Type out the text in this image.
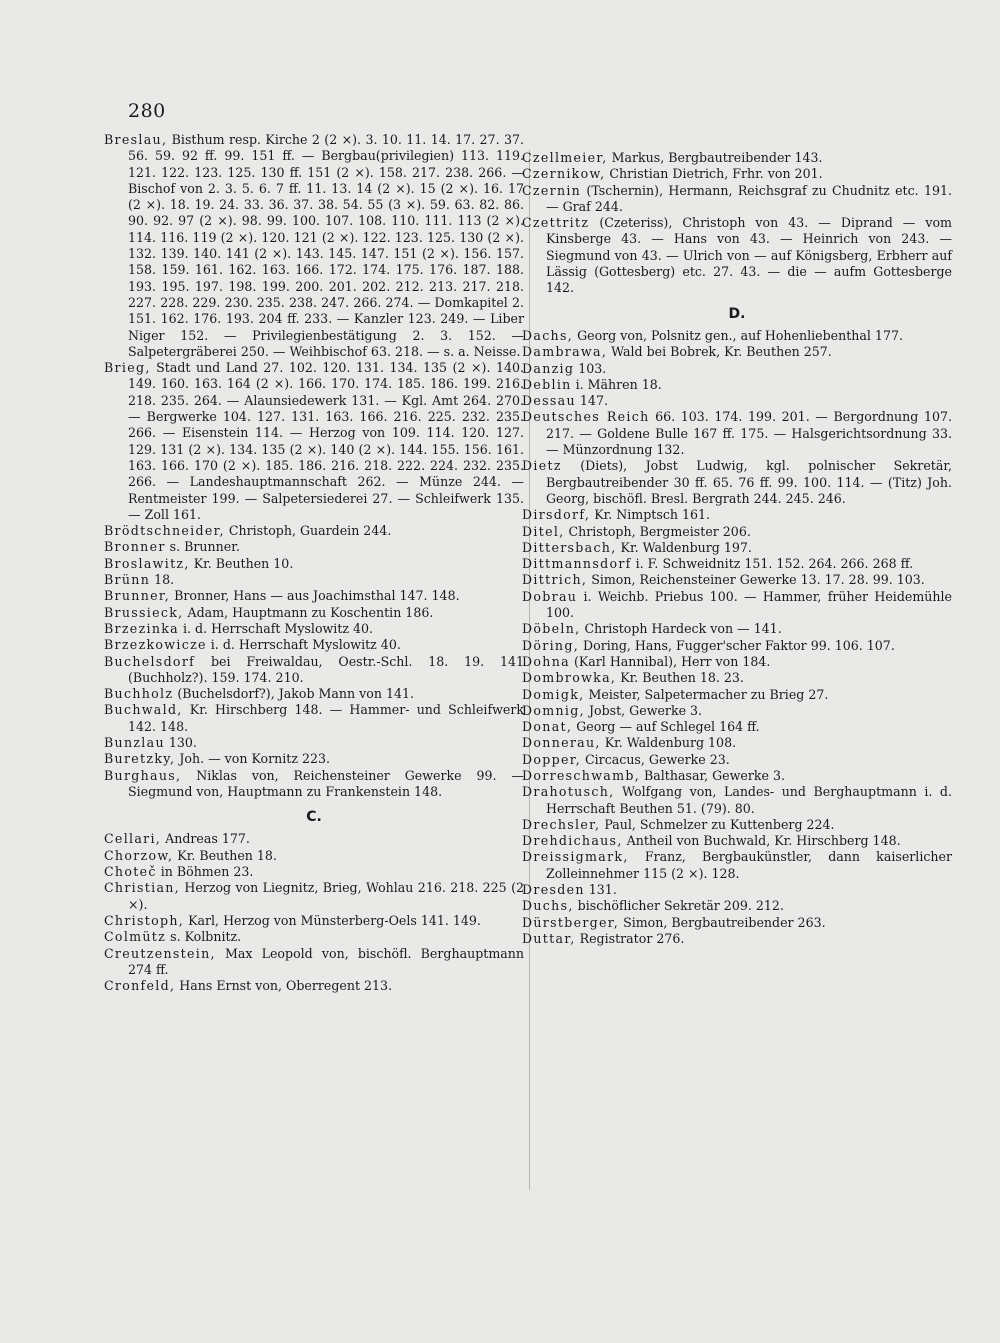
280

Breslau, Bisthum resp. Kirche 2 (2 ×). 3. 10. 11. 14. 17. 27. 37. 56. 59. 92 ff. 99. 151 ff. — Bergbau(privilegien) 113. 119. 121. 122. 123. 125. 130 ff. 151 (2 ×). 158. 217. 238. 266. — Bischof von 2. 3. 5. 6. 7 ff. 11. 13. 14 (2 ×). 15 (2 ×). 16. 17 (2 ×). 18. 19. 24. 33. 36. 37. 38. 54. 55 (3 ×). 59. 63. 82. 86. 90. 92. 97 (2 ×). 98. 99. 100. 107. 108. 110. 111. 113 (2 ×). 114. 116. 119 (2 ×). 120. 121 (2 ×). 122. 123. 125. 130 (2 ×). 132. 139. 140. 141 (2 ×). 143. 145. 147. 151 (2 ×). 156. 157. 158. 159. 161. 162. 163. 166. 172. 174. 175. 176. 187. 188. 193. 195. 197. 198. 199. 200. 201. 202. 212. 213. 217. 218. 227. 228. 229. 230. 235. 238. 247. 266. 274. — Domkapitel 2. 151. 162. 176. 193. 204 ff. 233. — Kanzler 123. 249. — Liber Niger 152. — Privilegienbestätigung 2. 3. 152. — Salpetergräberei 250. — Weihbischof 63. 218. — s. a. Neisse.

Brieg, Stadt und Land 27. 102. 120. 131. 134. 135 (2 ×). 140. 149. 160. 163. 164 (2 ×). 166. 170. 174. 185. 186. 199. 216. 218. 235. 264. — Alaunsiedewerk 131. — Kgl. Amt 264. 270. — Bergwerke 104. 127. 131. 163. 166. 216. 225. 232. 235. 266. — Eisenstein 114. — Herzog von 109. 114. 120. 127. 129. 131 (2 ×). 134. 135 (2 ×). 140 (2 ×). 144. 155. 156. 161. 163. 166. 170 (2 ×). 185. 186. 216. 218. 222. 224. 232. 235. 266. — Landeshauptmannschaft 262. — Münze 244. — Rentmeister 199. — Salpetersiederei 27. — Schleifwerk 135. — Zoll 161.

Brödtschneider, Christoph, Guardein 244.

Bronner s. Brunner.

Broslawitz, Kr. Beuthen 10.

Brünn 18.

Brunner, Bronner, Hans — aus Joachimsthal 147. 148.

Brussieck, Adam, Hauptmann zu Koschentin 186.

Brzezinka i. d. Herrschaft Myslowitz 40.

Brzezkowicze i. d. Herrschaft Myslowitz 40.

Buchelsdorf bei Freiwaldau, Oestr.-Schl. 18. 19. 141 (Buchholz?). 159. 174. 210.

Buchholz (Buchelsdorf?), Jakob Mann von 141.

Buchwald, Kr. Hirschberg 148. — Hammer- und Schleifwerk 142. 148.

Bunzlau 130.

Buretzky, Joh. — von Kornitz 223.

Burghaus, Niklas von, Reichensteiner Gewerke 99. — Siegmund von, Hauptmann zu Frankenstein 148.

C.

Cellari, Andreas 177.

Chorzow, Kr. Beuthen 18.

Choteč in Böhmen 23.

Christian, Herzog von Liegnitz, Brieg, Wohlau 216. 218. 225 (2 ×).

Christoph, Karl, Herzog von Münsterberg-Oels 141. 149.

Colmütz s. Kolbnitz.

Creutzenstein, Max Leopold von, bischöfl. Berghauptmann 274 ff.

Cronfeld, Hans Ernst von, Oberregent 213.

Czellmeier, Markus, Bergbautreibender 143.

Czernikow, Christian Dietrich, Frhr. von 201.

Czernin (Tschernin), Hermann, Reichsgraf zu Chudnitz etc. 191. — Graf 244.

Czettritz (Czeteriss), Christoph von 43. — Diprand — vom Kinsberge 43. — Hans von 43. — Heinrich von 243. — Siegmund von 43. — Ulrich von — auf Königsberg, Erbherr auf Lässig (Gottesberg) etc. 27. 43. — die — aufm Gottesberge 142.

D.

Dachs, Georg von, Polsnitz gen., auf Hohenliebenthal 177.

Dambrawa, Wald bei Bobrek, Kr. Beuthen 257.

Danzig 103.

Deblin i. Mähren 18.

Dessau 147.

Deutsches Reich 66. 103. 174. 199. 201. — Bergordnung 107. 217. — Goldene Bulle 167 ff. 175. — Halsgerichtsordnung 33. — Münzordnung 132.

Dietz (Diets), Jobst Ludwig, kgl. polnischer Sekretär, Bergbautreibender 30 ff. 65. 76 ff. 99. 100. 114. — (Titz) Joh. Georg, bischöfl. Bresl. Bergrath 244. 245. 246.

Dirsdorf, Kr. Nimptsch 161.

Ditel, Christoph, Bergmeister 206.

Dittersbach, Kr. Waldenburg 197.

Dittmannsdorf i. F. Schweidnitz 151. 152. 264. 266. 268 ff.

Dittrich, Simon, Reichensteiner Gewerke 13. 17. 28. 99. 103.

Dobrau i. Weichb. Priebus 100. — Hammer, früher Heidemühle 100.

Döbeln, Christoph Hardeck von — 141.

Döring, Doring, Hans, Fugger'scher Faktor 99. 106. 107.

Dohna (Karl Hannibal), Herr von 184.

Dombrowka, Kr. Beuthen 18. 23.

Domigk, Meister, Salpetermacher zu Brieg 27.

Domnig, Jobst, Gewerke 3.

Donat, Georg — auf Schlegel 164 ff.

Donnerau, Kr. Waldenburg 108.

Dopper, Circacus, Gewerke 23.

Dorreschwamb, Balthasar, Gewerke 3.

Drahotusch, Wolfgang von, Landes- und Berghauptmann i. d. Herrschaft Beuthen 51. (79). 80.

Drechsler, Paul, Schmelzer zu Kuttenberg 224.

Drehdichaus, Antheil von Buchwald, Kr. Hirschberg 148.

Dreissigmark, Franz, Bergbaukünstler, dann kaiserlicher Zolleinnehmer 115 (2 ×). 128.

Dresden 131.

Duchs, bischöflicher Sekretär 209. 212.

Dürstberger, Simon, Bergbautreibender 263.

Duttar, Registrator 276.
